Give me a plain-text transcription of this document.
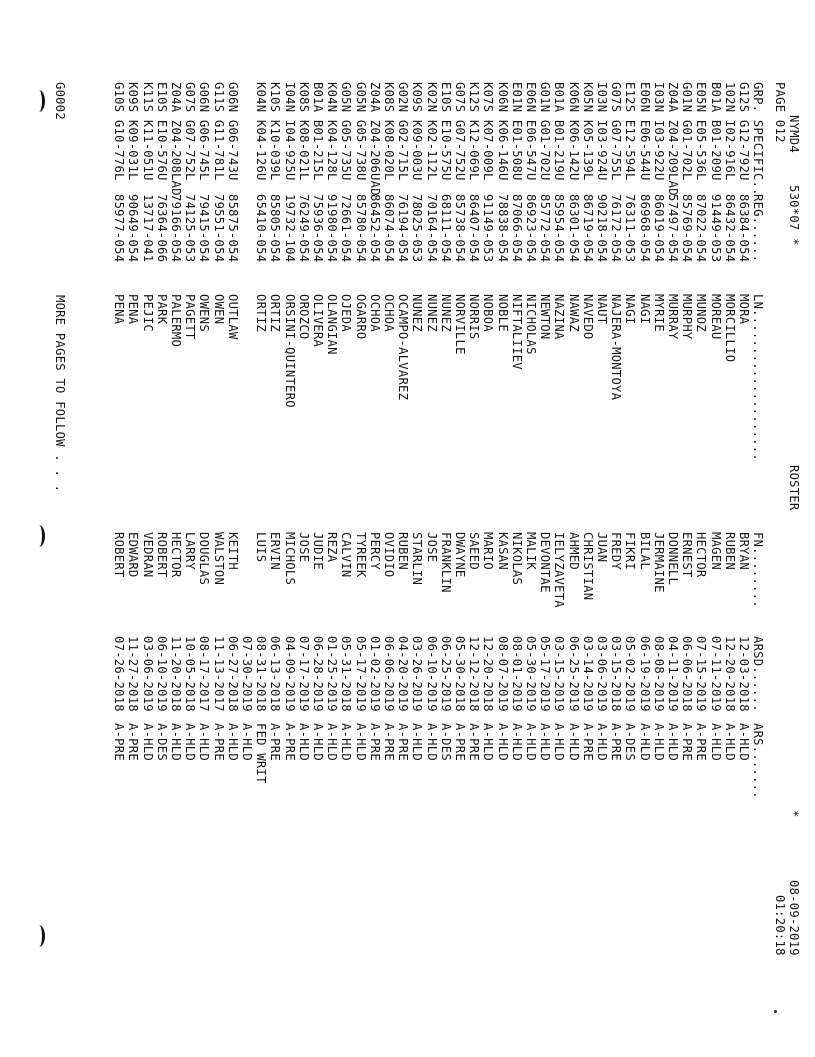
NYMD4
530*07 *
ROSTER
*
08-09-2019
PAGE 012
01:20:18
GRP. SPECIFIC..
REG......
LN....................
FN........
ARSD......
ARS.......
G12S G12-792U
86384-054
MORA
BRYAN
12-03-2018
A-HLD
102N I02-916L
86432-054
MORCILLIO
RUBEN
12-20-2018
A-HLD
B01A B01-209U
91449-053
MOREAU
MAGEN
07-11-2019
A-HLD
E05N E05-536L
87022-054
MUNOZ
HECTOR
07-15-2019
A-PRE
G01N G01-702L
85769-054
MURPHY
ERNEST
06-06-2018
A-PRE
Z04A Z04-209LAD
57497-054
MURRAY
DONNELL
04-11-2019
A-HLD
I03N I03-922U
86019-054
MYRIE
JERMAINE
08-08-2019
A-HLD
E06N E06-544U
86968-054
NAGI
BILAL
06-19-2019
A-HLD
E12S E12-594L
76311-053
NAGI
FIKRI
05-02-2019
A-DES
G07S G07-755L
76172-054
NAJERA-MONTOYA
FREDY
03-15-2018
A-PRE
I03N I03-924U
90218-054
NAUT
JUAN
03-06-2019
A-HLD
K05N K05-139L
86719-054
NAVEDO
CHRISTIAN
03-14-2019
A-PRE
K06N K06-142U
86301-054
NAWAZ
AHMED
06-25-2019
A-HLD
B01A B01-219U
85954-054
NAZINA
IELYZAVETA
03-15-2019
A-HLD
G01N G01-702U
85772-054
NEWTON
DEVONTAE
05-17-2019
A-HLD
E06N E06-547U
86923-054
NICHOLAS
MALIK
05-30-2019
A-HLD
E01N E01-508U
87066-054
NIFTALIIEV
NIKOLAS
08-01-2019
A-HLD
K06N K06-146U
78838-054
NOBLE
KASAN
08-07-2019
A-HLD
K07S K07-009L
91149-053
NOBOA
MARIO
12-20-2018
A-HLD
K12S K12-069L
86407-054
NORRIS
SAEED
12-12-2018
A-PRE
G07S G07-752U
85738-054
NORVILLE
DWAYNE
05-30-2018
A-PRE
E10S E10-575U
68111-054
NUNEZ
FRANKLIN
06-25-2019
A-DES
K02N K02-112L
70164-054
NUNEZ
JOSE
06-10-2019
A-HLD
K09S K09-003U
78025-053
NUNEZ
STARLIN
03-26-2019
A-HLD
G02N G02-715L
76194-054
OCAMPO-ALVAREZ
RUBEN
04-20-2019
A-PRE
K08S K08-020L
86074-054
OCHOA
OVIDIO
06-06-2019
A-PRE
Z04A Z04-206UAD
86452-054
OCHOA
PERCY
01-02-2019
A-PRE
G05N G05-738U
85780-054
OGARRO
TYREEK
05-17-2019
A-HLD
G05N G05-735U
72661-054
OJEDA
CALVIN
05-31-2018
A-HLD
K04N K04-128L
91980-054
OLANGIAN
REZA
01-25-2019
A-HLD
B01A B01-215L
75936-054
OLIVERA
JUDIE
06-28-2019
A-HLD
K08S K08-021L
76249-054
OROZCO
JOSE
07-17-2019
A-HLD
I04N I04-925U
19732-104
ORSINI-QUINTERO
MICHOLS
04-09-2019
A-PRE
K10S K10-039L
85805-054
ORTIZ
ERVIN
06-13-2018
A-PRE
K04N K04-126U
65410-054
ORTIZ
LUIS
08-31-2018
FED WRIT
07-30-2019
A-HLD
G06N G06-743U
85875-054
OUTLAW
KEITH
06-27-2018
A-HLD
G11S G11-781L
79551-054
OWEN
WALSTON
11-13-2017
A-PRE
G06N G06-745L
79415-054
OWENS
DOUGLAS
08-17-2017
A-HLD
G07S G07-752L
74125-053
PAGETT
LARRY
10-05-2018
A-HLD
Z04A Z04-208LAD
79166-054
PALERMO
HECTOR
11-20-2018
A-HLD
E10S E10-576U
76364-066
PARK
ROBERT
06-10-2019
A-DES
K11S K11-051U
13717-041
PEJIC
VEDRAN
03-06-2019
A-HLD
K09S K09-031L
90649-054
PENA
EDWARD
11-27-2018
A-PRE
G10S G10-776L
85977-054
PENA
ROBERT
07-26-2018
A-PRE
G0002
MORE PAGES TO FOLLOW . . .
